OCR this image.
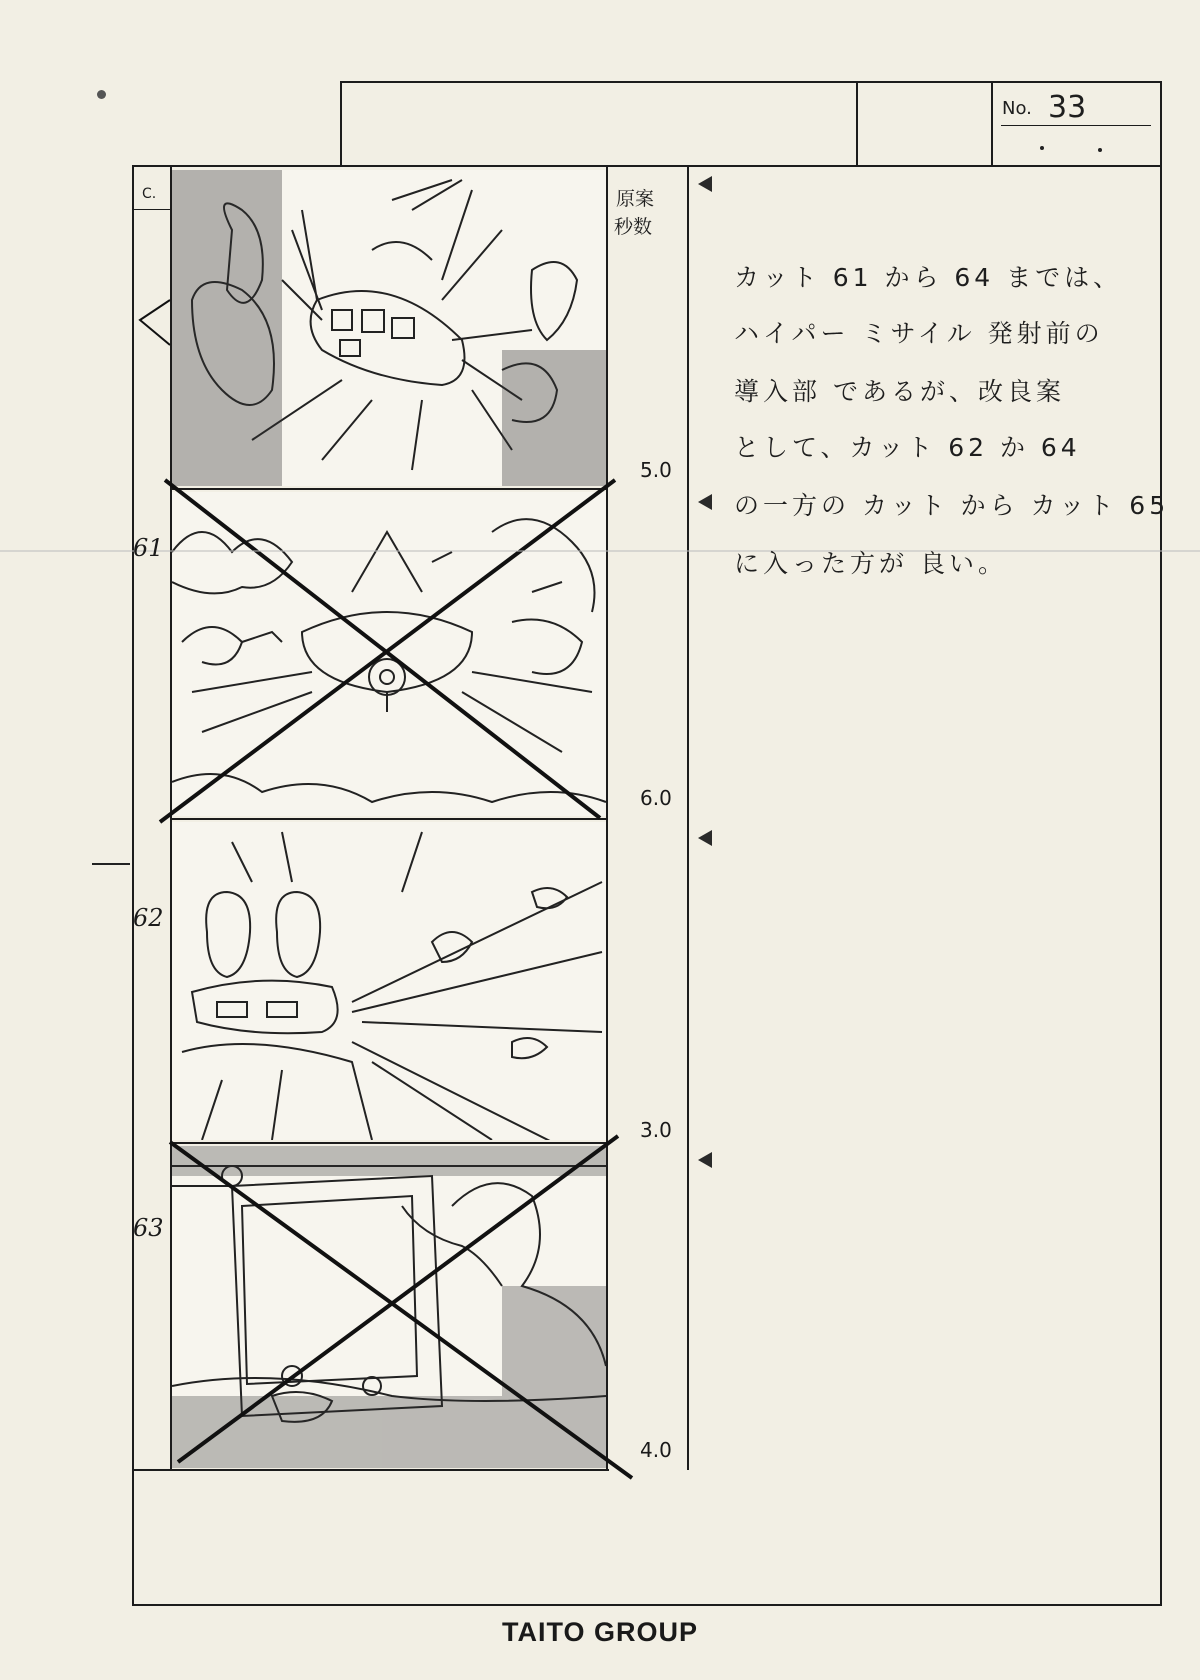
No. 33
C.	原案
秒数
61
62
63
5.0
6.0
3.0
4.0
カット 61 から 64 までは、
ハイパー ミサイル 発射前の
導入部 であるが、改良案
として、カット 62 か 64
の一方の カット から カット 65
に入った方が 良い。
TAITO GROUP
